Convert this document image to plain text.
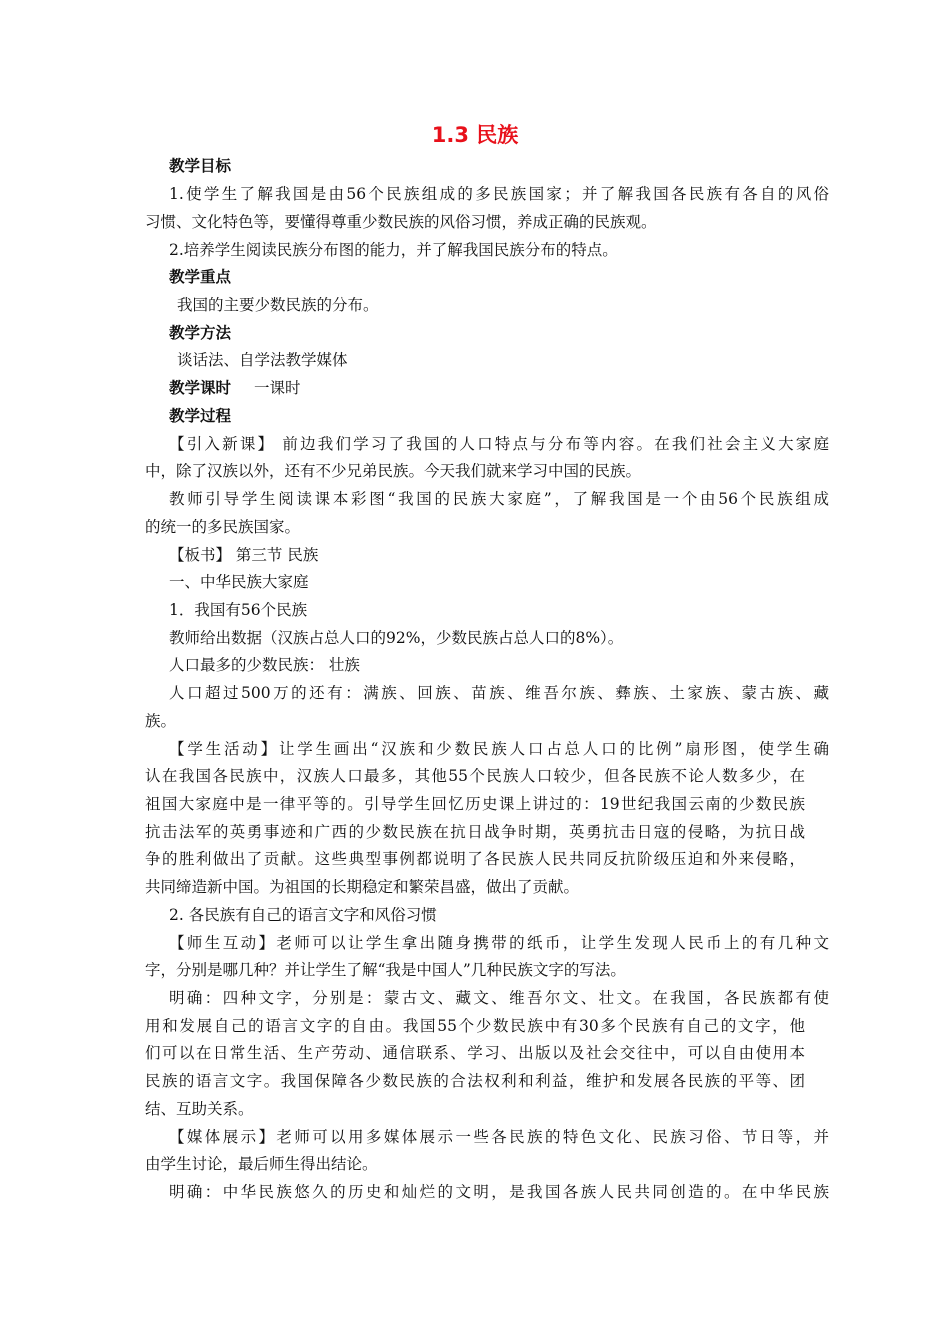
1.3 民族
教学目标
1.使学生了解我国是由56个民族组成的多民族国家；并了解我国各民族有各自的风俗
习惯、文化特色等，要懂得尊重少数民族的风俗习惯，养成正确的民族观。
2.培养学生阅读民族分布图的能力，并了解我国民族分布的特点。
教学重点
我国的主要少数民族的分布。
教学方法
谈话法、自学法教学媒体
教学课时	一课时
教学过程
【引入新课】 前边我们学习了我国的人口特点与分布等内容。在我们社会主义大家庭
中，除了汉族以外，还有不少兄弟民族。今天我们就来学习中国的民族。
教师引导学生阅读课本彩图“我国的民族大家庭”，了解我国是一个由56个民族组成
的统一的多民族国家。
【板书】 第三节 民族
一、中华民族大家庭
1．我国有56个民族
教师给出数据（汉族占总人口的92%，少数民族占总人口的8%）。
人口最多的少数民族： 壮族
人口超过500万的还有：满族、回族、苗族、维吾尔族、彝族、土家族、蒙古族、藏
族。
【学生活动】让学生画出“汉族和少数民族人口占总人口的比例”扇形图，使学生确
认在我国各民族中，汉族人口最多，其他55个民族人口较少，但各民族不论人数多少，在
祖国大家庭中是一律平等的。引导学生回忆历史课上讲过的：19世纪我国云南的少数民族
抗击法军的英勇事迹和广西的少数民族在抗日战争时期，英勇抗击日寇的侵略，为抗日战
争的胜利做出了贡献。这些典型事例都说明了各民族人民共同反抗阶级压迫和外来侵略，
共同缔造新中国。为祖国的长期稳定和繁荣昌盛，做出了贡献。
2. 各民族有自己的语言文字和风俗习惯
【师生互动】老师可以让学生拿出随身携带的纸币，让学生发现人民币上的有几种文
字，分别是哪几种？并让学生了解“我是中国人”几种民族文字的写法。
明确：四种文字，分别是：蒙古文、藏文、维吾尔文、壮文。在我国，各民族都有使
用和发展自己的语言文字的自由。我国55个少数民族中有30多个民族有自己的文字，他
们可以在日常生活、生产劳动、通信联系、学习、出版以及社会交往中，可以自由使用本
民族的语言文字。我国保障各少数民族的合法权利和利益，维护和发展各民族的平等、团
结、互助关系。
【媒体展示】老师可以用多媒体展示一些各民族的特色文化、民族习俗、节日等，并
由学生讨论，最后师生得出结论。
明确：中华民族悠久的历史和灿烂的文明，是我国各族人民共同创造的。在中华民族
